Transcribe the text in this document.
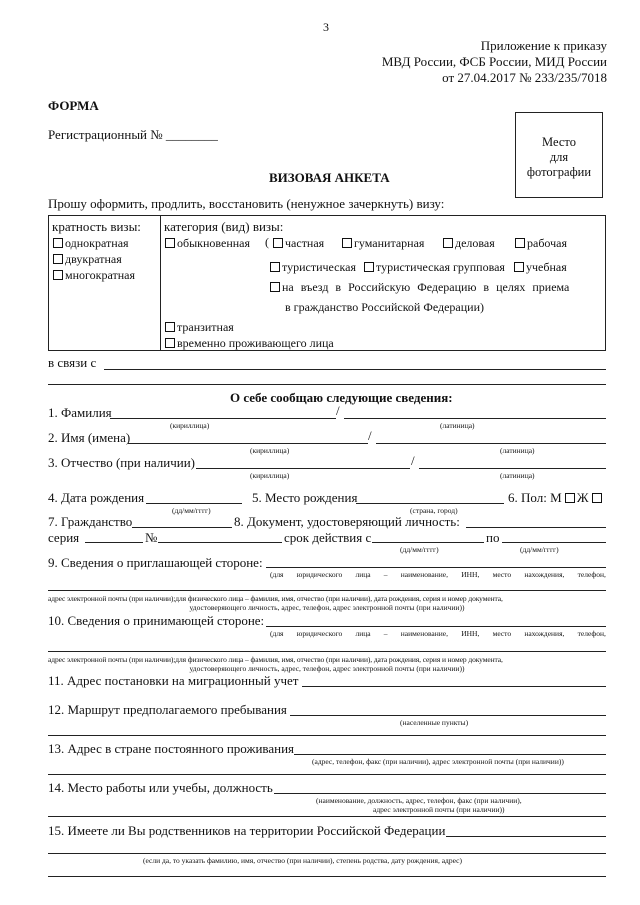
3
Приложение к приказу
МВД России, ФСБ России, МИД России
от 27.04.2017 № 233/235/7018
ФОРМА
Регистрационный № ________	Место
для
фотографии
ВИЗОВАЯ АНКЕТА
Прошу оформить, продлить, восстановить (ненужное зачеркнуть) визу:
кратность визы:
однократная
двукратная
многократная
категория (вид) визы:
обыкновенная (	частная	гуманитарная	деловая	рабочая
туристическая	туристическая групповая	учебная
на въезд в Российскую Федерацию в целях приема
в гражданство Российской Федерации)
транзитная
временно проживающего лица
в связи с
О себе сообщаю следующие сведения:
1. Фамилия	/
(кириллица)	(латиница)
2. Имя (имена)	/
(кириллица)	(латиница)
3. Отчество (при наличии)	/
(кириллица)	(латиница)
4. Дата рождения
(дд/мм/гггг)
5. Место рождения
(страна, город)
6. Пол: М Ж
7. Гражданство	8. Документ, удостоверяющий личность:
серия	№	срок действия с	по
(дд/мм/гггг)	(дд/мм/гггг)
9. Сведения о приглашающей стороне:
(для юридического лица – наименование, ИНН, место нахождения, телефон,
адрес электронной почты (при наличии);для физического лица – фамилия, имя, отчество (при наличии), дата рождения, серия и номер документа,
удостоверяющего личность, адрес, телефон, адрес электронной почты (при наличии))
10. Сведения о принимающей стороне:
(для юридического лица – наименование, ИНН, место нахождения, телефон,
адрес электронной почты (при наличии);для физического лица – фамилия, имя, отчество (при наличии), дата рождения, серия и номер документа,
удостоверяющего личность, адрес, телефон, адрес электронной почты (при наличии))
11. Адрес постановки на миграционный учет
12. Маршрут предполагаемого пребывания
(населенные пункты)
13. Адрес в стране постоянного проживания
(адрес, телефон, факс (при наличии), адрес электронной почты (при наличии))
14. Место работы или учебы, должность
(наименование, должность, адрес, телефон, факс (при наличии),
адрес электронной почты (при наличии))
15. Имеете ли Вы родственников на территории Российской Федерации
(если да, то указать фамилию, имя, отчество (при наличии), степень родства, дату рождения, адрес)
